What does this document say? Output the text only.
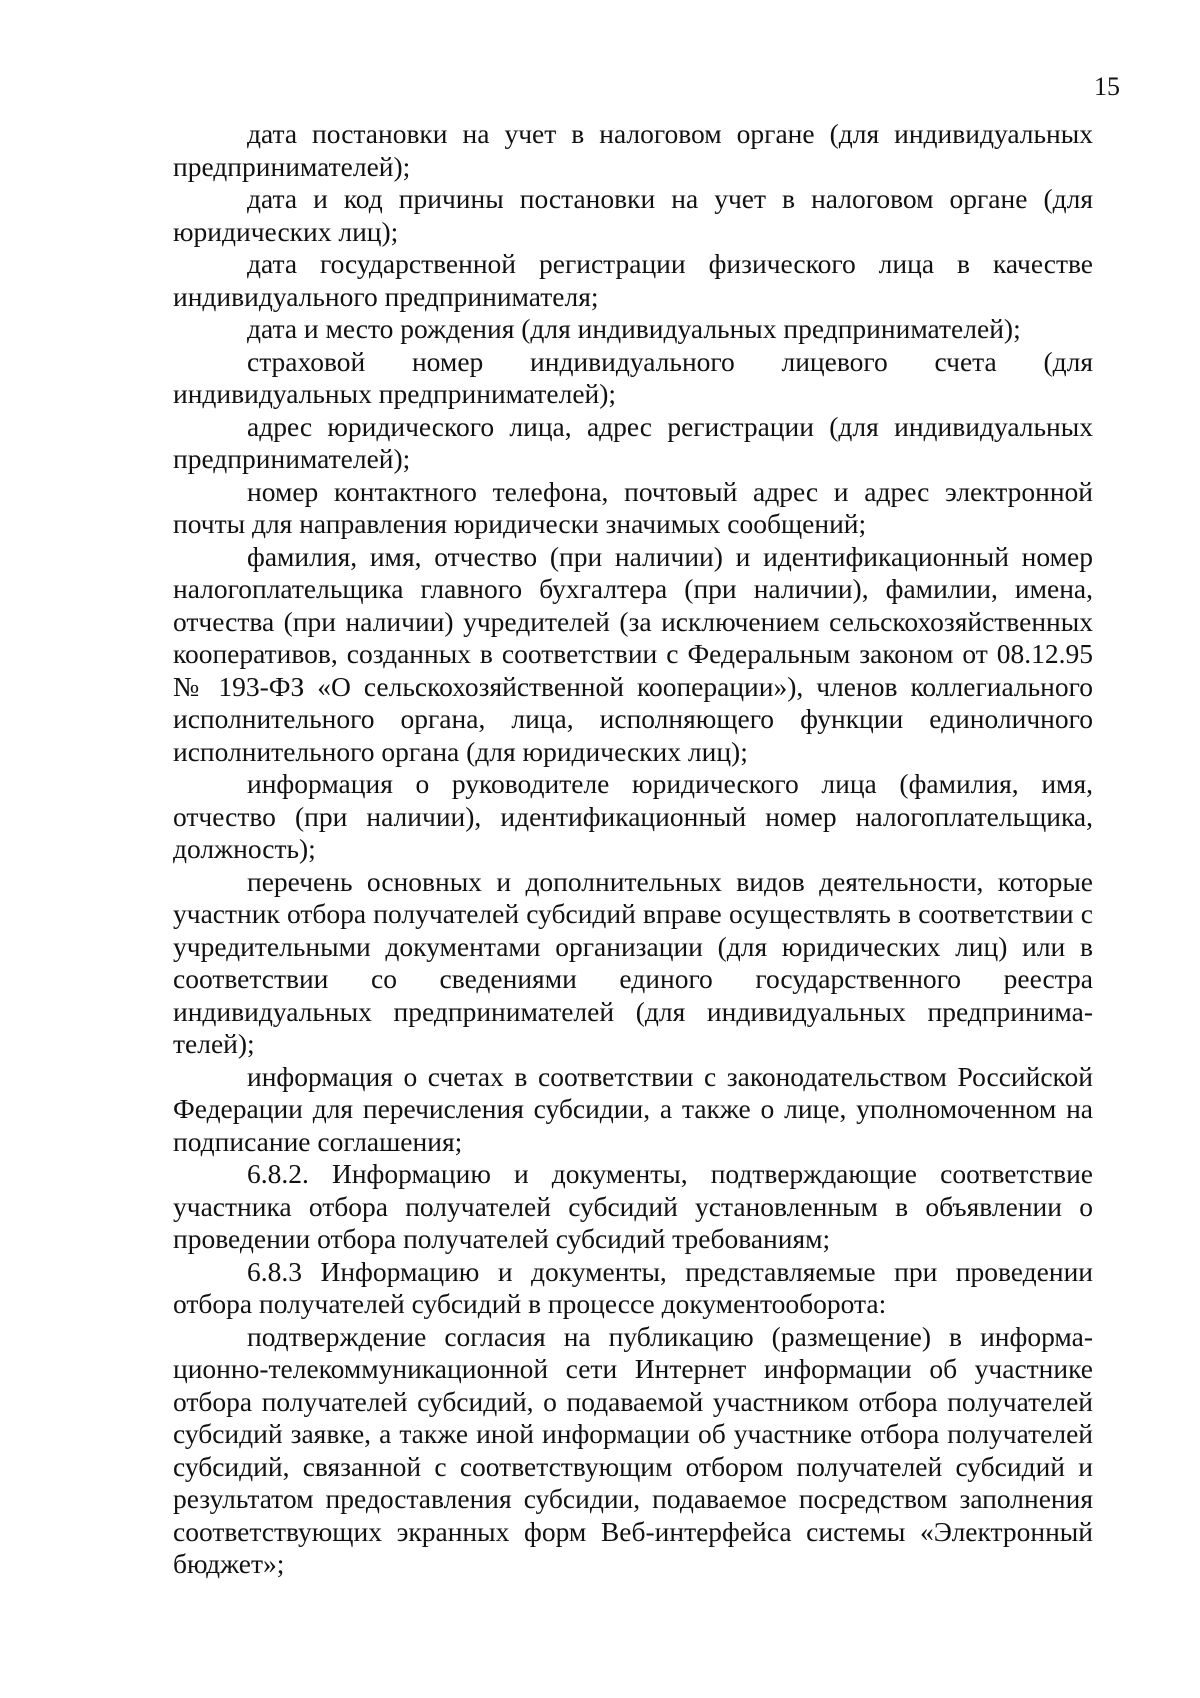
15

дата постановки на учет в налоговом органе (для индивидуальных предпринимателей);

дата и код причины постановки на учет в налоговом органе (для юридических лиц);

дата государственной регистрации физического лица в качестве индивидуального предпринимателя;

дата и место рождения (для индивидуальных предпринимателей);

страховой номер индивидуального лицевого счета (для индивидуальных предпринимателей);

адрес юридического лица, адрес регистрации (для индивидуальных предпринимателей);

номер контактного телефона, почтовый адрес и адрес электронной почты для направления юридически значимых сообщений;

фамилия, имя, отчество (при наличии) и идентификационный номер налогоплательщика главного бухгалтера (при наличии), фамилии, имена, отчества (при наличии) учредителей (за исключением сельскохозяйственных кооперативов, созданных в соответствии с Федеральным законом от 08.12.95 № 193-ФЗ «О сельскохозяйственной кооперации»), членов коллегиального исполнительного органа, лица, исполняющего функции единоличного исполнительного органа (для юридических лиц);

информация о руководителе юридического лица (фамилия, имя, отчество (при наличии), идентификационный номер налогоплательщика, должность);

перечень основных и дополнительных видов деятельности, которые участник отбора получателей субсидий вправе осуществлять в соответствии с учредительными документами организации (для юридических лиц) или в соответствии со сведениями единого государственного реестра индивидуальных предпринимателей (для индивидуальных предпринимателей);

информация о счетах в соответствии с законодательством Российской Федерации для перечисления субсидии, а также о лице, уполномоченном на подписание соглашения;

6.8.2. Информацию и документы, подтверждающие соответствие участника отбора получателей субсидий установленным в объявлении о проведении отбора получателей субсидий требованиям;

6.8.3 Информацию и документы, представляемые при проведении отбора получателей субсидий в процессе документооборота:

подтверждение согласия на публикацию (размещение) в информационно-телекоммуникационной сети Интернет информации об участнике отбора получателей субсидий, о подаваемой участником отбора получателей субсидий заявке, а также иной информации об участнике отбора получателей субсидий, связанной с соответствующим отбором получателей субсидий и результатом предоставления субсидии, подаваемое посредством заполнения соответствующих экранных форм Веб-интерфейса системы «Электронный бюджет»;
